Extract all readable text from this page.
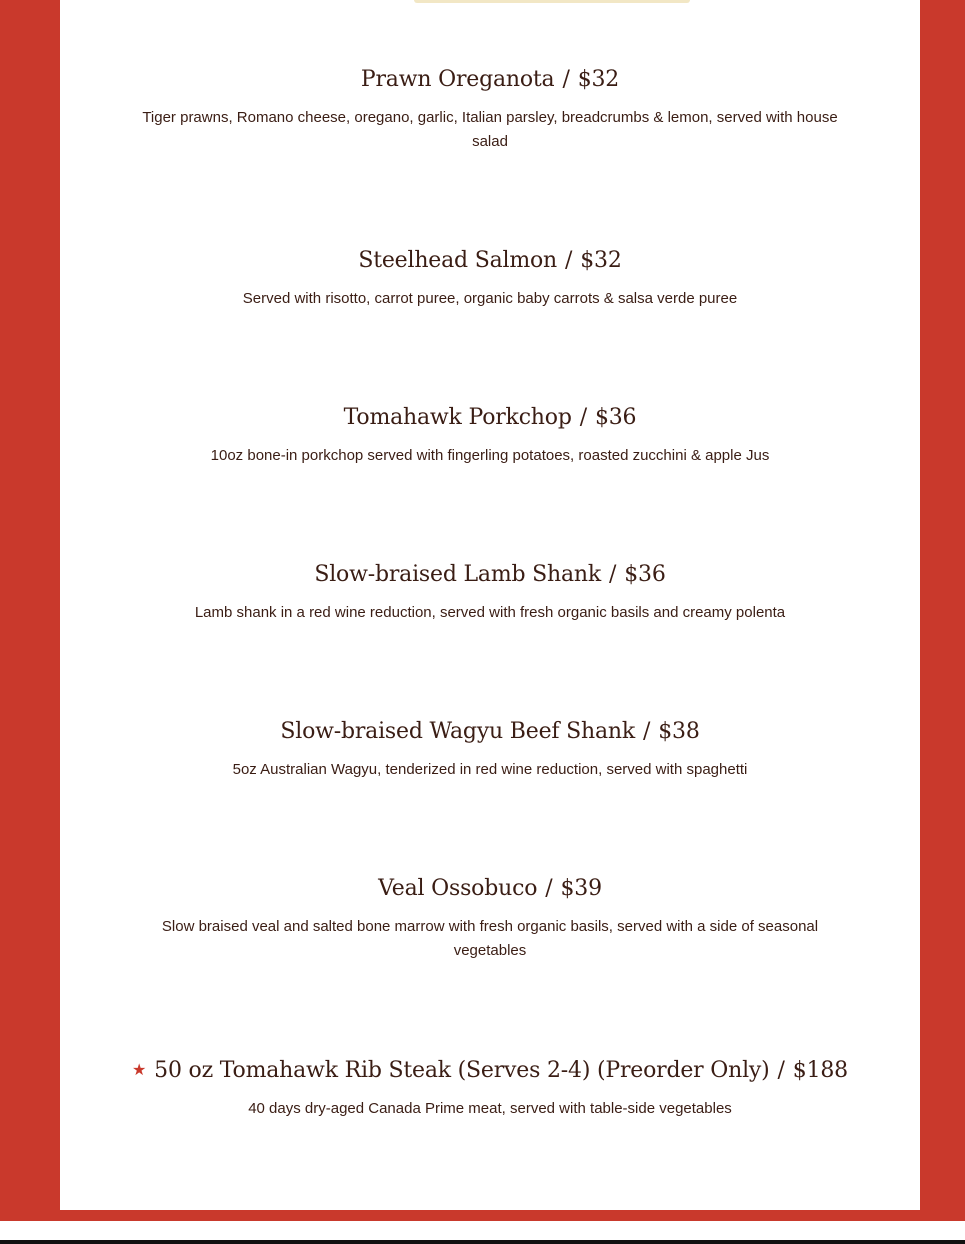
Prawn Oreganota / $32
Tiger prawns, Romano cheese, oregano, garlic, Italian parsley, breadcrumbs & lemon, served with house salad
Steelhead Salmon / $32
Served with risotto, carrot puree, organic baby carrots & salsa verde puree
Tomahawk Porkchop / $36
10oz bone-in porkchop served with fingerling potatoes, roasted zucchini & apple Jus
Slow-braised Lamb Shank / $36
Lamb shank in a red wine reduction, served with fresh organic basils and creamy polenta
Slow-braised Wagyu Beef Shank / $38
5oz Australian Wagyu, tenderized in red wine reduction, served with spaghetti
Veal Ossobuco / $39
Slow braised veal and salted bone marrow with fresh organic basils, served with a side of seasonal vegetables
★ 50 oz Tomahawk Rib Steak (Serves 2-4) (Preorder Only) / $188
40 days dry-aged Canada Prime meat, served with table-side vegetables
